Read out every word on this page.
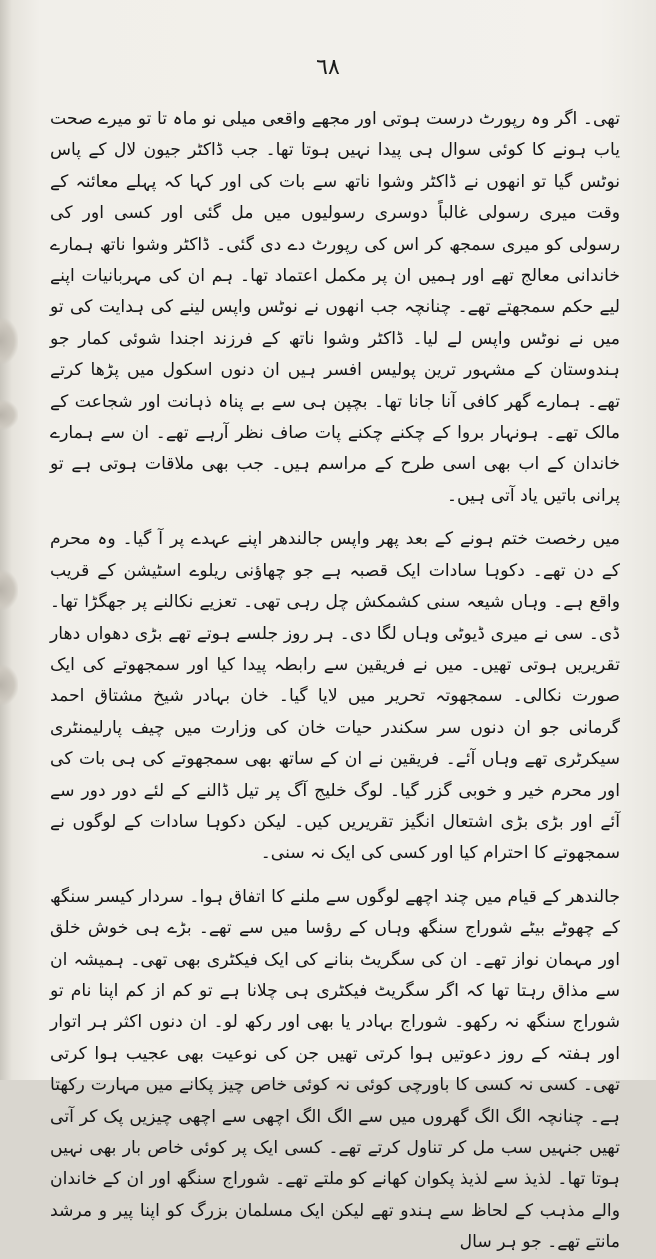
٦٨

تھی۔ اگر وہ رپورٹ درست ہوتی اور مجھے واقعی میلی نو ماہ تا تو میرے صحت یاب ہونے کا کوئی سوال ہی پیدا نہیں ہوتا تھا۔ جب ڈاکٹر جیون لال کے پاس نوٹس گیا تو انھوں نے ڈاکٹر وشوا ناتھ سے بات کی اور کہا کہ پہلے معائنہ کے وقت میری رسولی غالباً دوسری رسولیوں میں مل گئی اور کسی اور کی رسولی کو میری سمجھ کر اس کی رپورٹ دے دی گئی۔ ڈاکٹر وشوا ناتھ ہمارے خاندانی معالج تھے اور ہمیں ان پر مکمل اعتماد تھا۔ ہم ان کی مہربانیات اپنے لیے حکم سمجھتے تھے۔ چنانچہ جب انھوں نے نوٹس واپس لینے کی ہدایت کی تو میں نے نوٹس واپس لے لیا۔ ڈاکٹر وشوا ناتھ کے فرزند اجندا شوئی کمار جو ہندوستان کے مشہور ترین پولیس افسر ہیں ان دنوں اسکول میں پڑھا کرتے تھے۔ ہمارے گھر کافی آنا جانا تھا۔ بچپن ہی سے بے پناہ ذہانت اور شجاعت کے مالک تھے۔ ہونہار بروا کے چکنے چکنے پات صاف نظر آرہے تھے۔ ان سے ہمارے خاندان کے اب بھی اسی طرح کے مراسم ہیں۔ جب بھی ملاقات ہوتی ہے تو پرانی باتیں یاد آتی ہیں۔

میں رخصت ختم ہونے کے بعد پھر واپس جالندھر اپنے عہدے پر آ گیا۔ وہ محرم کے دن تھے۔ دکوہا سادات ایک قصبہ ہے جو چھاؤنی ریلوے اسٹیشن کے قریب واقع ہے۔ وہاں شیعہ سنی کشمکش چل رہی تھی۔ تعزیے نکالنے پر جھگڑا تھا۔ ڈی۔ سی نے میری ڈیوٹی وہاں لگا دی۔ ہر روز جلسے ہوتے تھے بڑی دھواں دھار تقریریں ہوتی تھیں۔ میں نے فریقین سے رابطہ پیدا کیا اور سمجھوتے کی ایک صورت نکالی۔ سمجھوتہ تحریر میں لایا گیا۔ خان بہادر شیخ مشتاق احمد گرمانی جو ان دنوں سر سکندر حیات خان کی وزارت میں چیف پارلیمنٹری سیکرٹری تھے وہاں آئے۔ فریقین نے ان کے ساتھ بھی سمجھوتے کی ہی بات کی اور محرم خیر و خوبی گزر گیا۔ لوگ خلیج آگ پر تیل ڈالنے کے لئے دور دور سے آئے اور بڑی بڑی اشتعال انگیز تقریریں کیں۔ لیکن دکوہا سادات کے لوگوں نے سمجھوتے کا احترام کیا اور کسی کی ایک نہ سنی۔

جالندھر کے قیام میں چند اچھے لوگوں سے ملنے کا اتفاق ہوا۔ سردار کیسر سنگھ کے چھوٹے بیٹے شوراج سنگھ وہاں کے رؤسا میں سے تھے۔ بڑے ہی خوش خلق اور مہمان نواز تھے۔ ان کی سگریٹ بنانے کی ایک فیکٹری بھی تھی۔ ہمیشہ ان سے مذاق رہتا تھا کہ اگر سگریٹ فیکٹری ہی چلانا ہے تو کم از کم اپنا نام تو شوراج سنگھ نہ رکھو۔ شوراج بہادر یا بھی اور رکھ لو۔ ان دنوں اکثر ہر اتوار اور ہفتہ کے روز دعوتیں ہوا کرتی تھیں جن کی نوعیت بھی عجیب ہوا کرتی تھی۔ کسی نہ کسی کا باورچی کوئی نہ کوئی خاص چیز پکانے میں مہارت رکھتا ہے۔ چنانچہ الگ الگ گھروں میں سے الگ الگ اچھی سے اچھی چیزیں پک کر آتی تھیں جنہیں سب مل کر تناول کرتے تھے۔ کسی ایک پر کوئی خاص بار بھی نہیں ہوتا تھا۔ لذیذ سے لذیذ پکوان کھانے کو ملتے تھے۔ شوراج سنگھ اور ان کے خاندان والے مذہب کے لحاظ سے ہندو تھے لیکن ایک مسلمان بزرگ کو اپنا پیر و مرشد مانتے تھے۔ جو ہر سال
